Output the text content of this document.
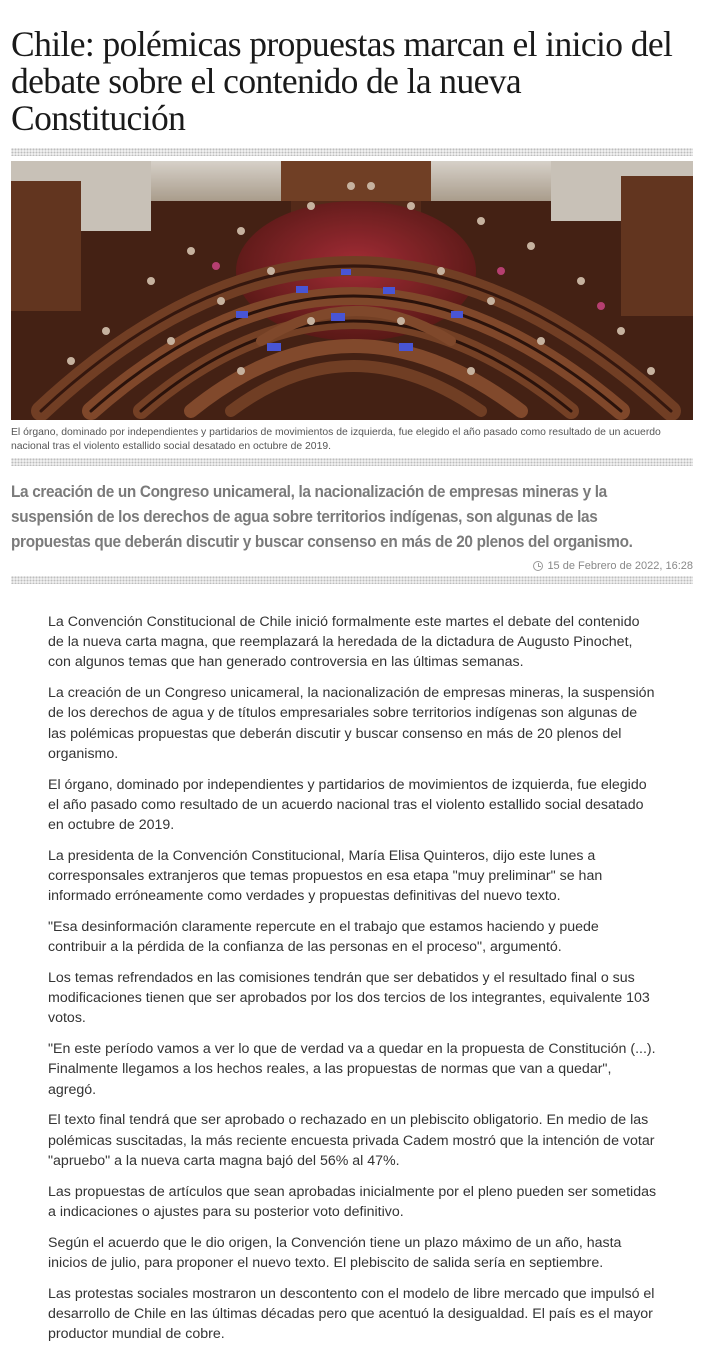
Chile: polémicas propuestas marcan el inicio del debate sobre el contenido de la nueva Constitución
El órgano, dominado por independientes y partidarios de movimientos de izquierda, fue elegido el año pasado como resultado de un acuerdo nacional tras el violento estallido social desatado en octubre de 2019.

La creación de un Congreso unicameral, la nacionalización de empresas mineras y la suspensión de los derechos de agua sobre territorios indígenas, son algunas de las propuestas que deberán discutir y buscar consenso en más de 20 plenos del organismo.

15 de Febrero de 2022, 16:28

La Convención Constitucional de Chile inició formalmente este martes el debate del contenido de la nueva carta magna, que reemplazará la heredada de la dictadura de Augusto Pinochet, con algunos temas que han generado controversia en las últimas semanas.

La creación de un Congreso unicameral, la nacionalización de empresas mineras, la suspensión de los derechos de agua y de títulos empresariales sobre territorios indígenas son algunas de las polémicas propuestas que deberán discutir y buscar consenso en más de 20 plenos del organismo.

El órgano, dominado por independientes y partidarios de movimientos de izquierda, fue elegido el año pasado como resultado de un acuerdo nacional tras el violento estallido social desatado en octubre de 2019.

La presidenta de la Convención Constitucional, María Elisa Quinteros, dijo este lunes a corresponsales extranjeros que temas propuestos en esa etapa "muy preliminar" se han informado erróneamente como verdades y propuestas definitivas del nuevo texto.

"Esa desinformación claramente repercute en el trabajo que estamos haciendo y puede contribuir a la pérdida de la confianza de las personas en el proceso", argumentó.

Los temas refrendados en las comisiones tendrán que ser debatidos y el resultado final o sus modificaciones tienen que ser aprobados por los dos tercios de los integrantes, equivalente 103 votos.

"En este período vamos a ver lo que de verdad va a quedar en la propuesta de Constitución (...). Finalmente llegamos a los hechos reales, a las propuestas de normas que van a quedar", agregó.

El texto final tendrá que ser aprobado o rechazado en un plebiscito obligatorio. En medio de las polémicas suscitadas, la más reciente encuesta privada Cadem mostró que la intención de votar "apruebo" a la nueva carta magna bajó del 56% al 47%.

Las propuestas de artículos que sean aprobadas inicialmente por el pleno pueden ser sometidas a indicaciones o ajustes para su posterior voto definitivo.

Según el acuerdo que le dio origen, la Convención tiene un plazo máximo de un año, hasta inicios de julio, para proponer el nuevo texto. El plebiscito de salida sería en septiembre.

Las protestas sociales mostraron un descontento con el modelo de libre mercado que impulsó el desarrollo de Chile en las últimas décadas pero que acentuó la desigualdad. El país es el mayor productor mundial de cobre.
